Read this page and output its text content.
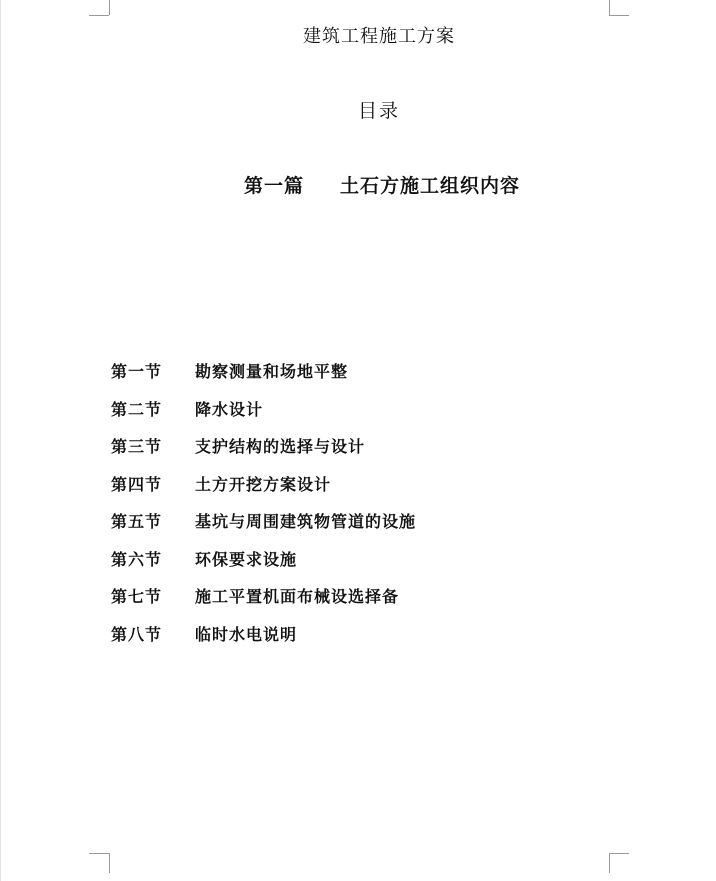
建筑工程施工方案
目录
第一篇 土石方施工组织内容
第一节 勘察测量和场地平整
第二节 降水设计
第三节 支护结构的选择与设计
第四节 土方开挖方案设计
第五节 基坑与周围建筑物管道的设施
第六节 环保要求设施
第七节 施工平置机面布械设选择备
第八节 临时水电说明
